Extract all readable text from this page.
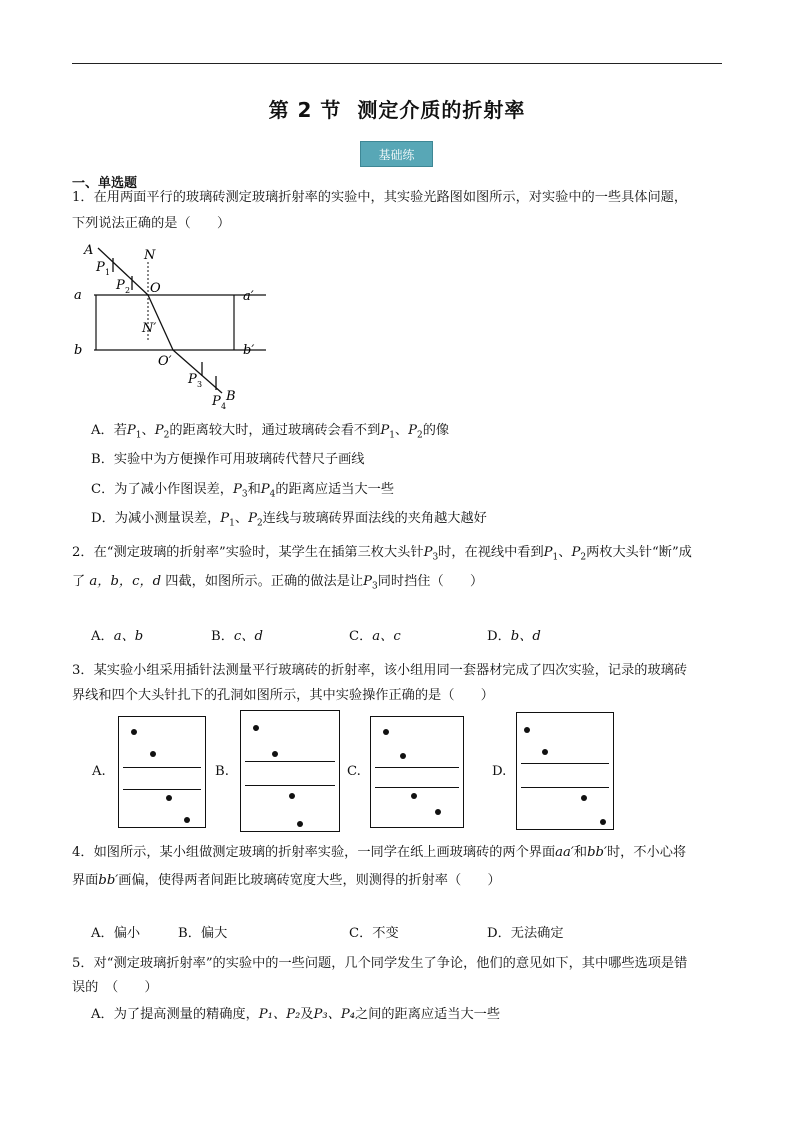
第 2 节 测定介质的折射率
基础练
一、单选题
1．在用两面平行的玻璃砖测定玻璃折射率的实验中，其实验光路图如图所示，对实验中的一些具体问题，
下列说法正确的是（　　）
A
P 1
N
P 2 O
a	a′
N′
b	b′
O′
P 3
B
P 4
A．若$P_1$、$P_2$的距离较大时，通过玻璃砖会看不到$P_1$、$P_2$的像
B．实验中为方便操作可用玻璃砖代替尺子画线
C．为了减小作图误差，$P_3$和$P_4$的距离应适当大一些
D．为减小测量误差，$P_1$、$P_2$连线与玻璃砖界面法线的夹角越大越好
2．在“测定玻璃的折射率”实验时，某学生在插第三枚大头针$P_3$时，在视线中看到$P_1$、$P_2$两枚大头针“断”成
了 a，b，c，d 四截，如图所示。正确的做法是让$P_3$同时挡住（　　）
A．a、b	B．c、d	C．a、c	D．b、d
3．某实验小组采用插针法测量平行玻璃砖的折射率，该小组用同一套器材完成了四次实验，记录的玻璃砖
界线和四个大头针扎下的孔洞如图所示，其中实验操作正确的是（　　）
A.	B.	C.	D.
4．如图所示，某小组做测定玻璃的折射率实验，一同学在纸上画玻璃砖的两个界面aa′和bb′时，不小心将
界面bb′画偏，使得两者间距比玻璃砖宽度大些，则测得的折射率（　　）
A．偏小	B．偏大	C．不变	D．无法确定
5．对“测定玻璃折射率”的实验中的一些问题，几个同学发生了争论，他们的意见如下，其中哪些选项是错
误的　（　　）
A．为了提高测量的精确度，P₁、P₂及P₃、P₄之间的距离应适当大一些
